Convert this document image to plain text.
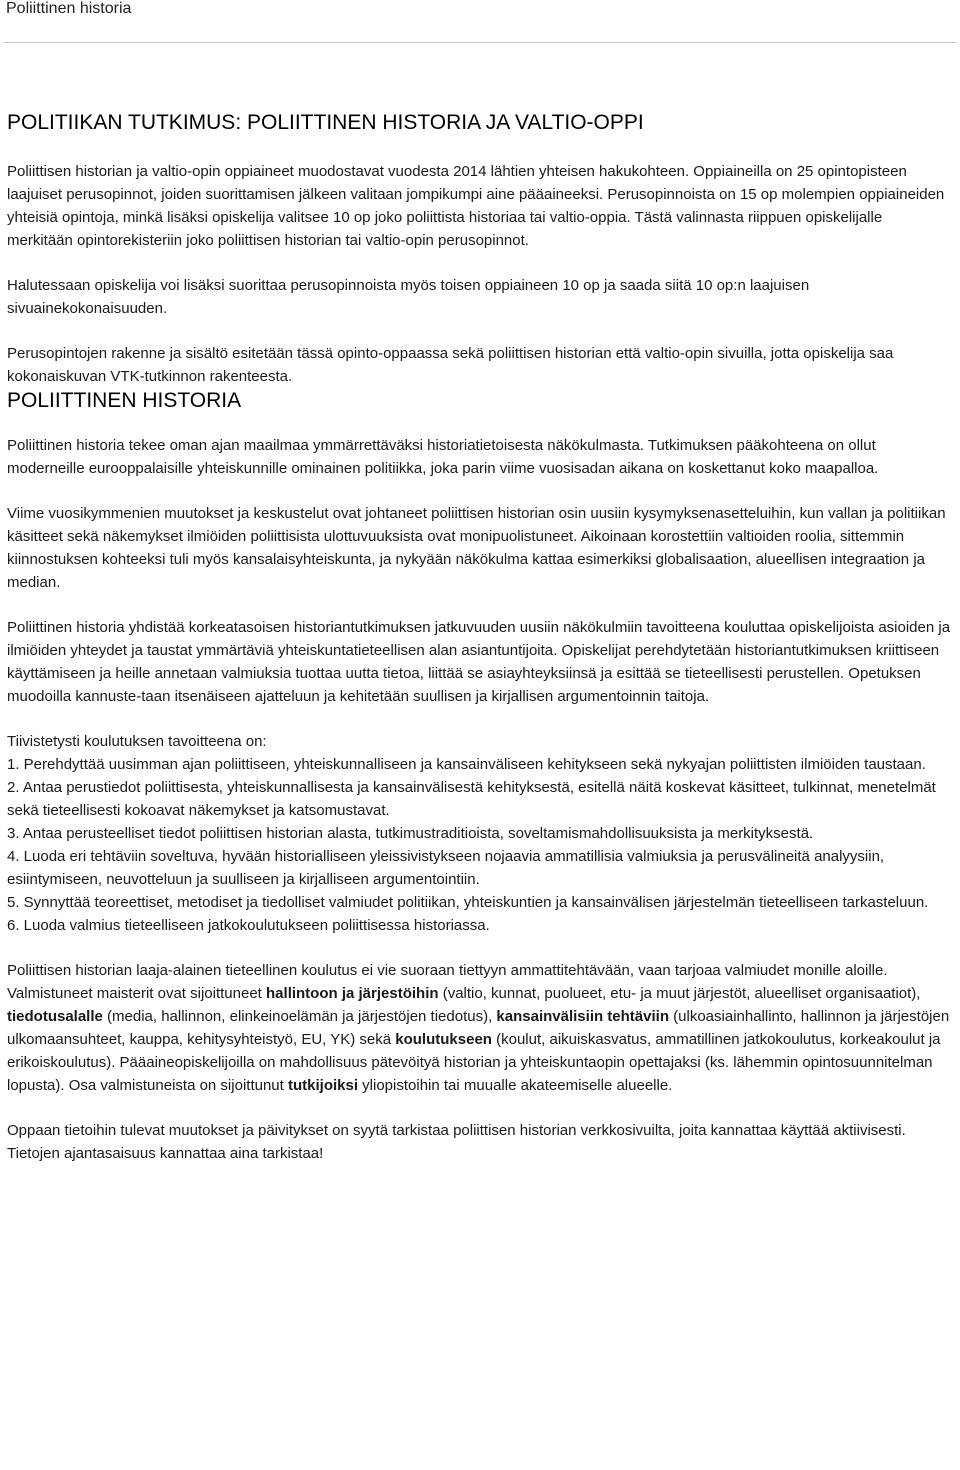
Poliittinen historia
POLITIIKAN TUTKIMUS: POLIITTINEN HISTORIA JA VALTIO-OPPI

Poliittisen historian ja valtio-opin oppiaineet muodostavat vuodesta 2014 lähtien yhteisen hakukohteen. Oppiaineilla on 25 opintopisteen laajuiset perusopinnot, joiden suorittamisen jälkeen valitaan jompikumpi aine pääaineeksi. Perusopinnoista on 15 op molempien oppiaineiden yhteisiä opintoja, minkä lisäksi opiskelija valitsee 10 op joko poliittista historiaa tai valtio-oppia. Tästä valinnasta riippuen opiskelijalle merkitään opintorekisteriin joko poliittisen historian tai valtio-opin perusopinnot.

Halutessaan opiskelija voi lisäksi suorittaa perusopinnoista myös toisen oppiaineen 10 op ja saada siitä 10 op:n laajuisen sivuainekokonaisuuden.

Perusopintojen rakenne ja sisältö esitetään tässä opinto-oppaassa sekä poliittisen historian että valtio-opin sivuilla, jotta opiskelija saa kokonaiskuvan VTK-tutkinnon rakenteesta.

POLIITTINEN HISTORIA

Poliittinen historia tekee oman ajan maailmaa ymmärrettäväksi historiatietoisesta näkökulmasta. Tutkimuksen pääkohteena on ollut moderneille eurooppalaisille yhteiskunnille ominainen politiikka, joka parin viime vuosisadan aikana on koskettanut koko maapalloa.

Viime vuosikymmenien muutokset ja keskustelut ovat johtaneet poliittisen historian osin uusiin kysymyksenasetteluihin, kun vallan ja politiikan käsitteet sekä näkemykset ilmiöiden poliittisista ulottuvuuksista ovat monipuolistuneet. Aikoinaan korostettiin valtioiden roolia, sittemmin kiinnostuksen kohteeksi tuli myös kansalaisyhteiskunta, ja nykyään näkökulma kattaa esimerkiksi globalisaation, alueellisen integraation ja median.

Poliittinen historia yhdistää korkeatasoisen historiantutkimuksen jatkuvuuden uusiin näkökulmiin tavoitteena kouluttaa opiskelijoista asioiden ja ilmiöiden yhteydet ja taustat ymmärtäviä yhteiskuntatieteellisen alan asiantuntijoita. Opiskelijat perehdytetään historiantutkimuksen kriittiseen käyttämiseen ja heille annetaan valmiuksia tuottaa uutta tietoa, liittää se asiayhteyksiinsä ja esittää se tieteellisesti perustellen. Opetuksen muodoilla kannuste-taan itsenäiseen ajatteluun ja kehitetään suullisen ja kirjallisen argumentoinnin taitoja.

Tiivistetysti koulutuksen tavoitteena on:

1. Perehdyttää uusimman ajan poliittiseen, yhteiskunnalliseen ja kansainväliseen kehitykseen sekä nykyajan poliittisten ilmiöiden taustaan.
2. Antaa perustiedot poliittisesta, yhteiskunnallisesta ja kansainvälisestä kehityksestä, esitellä näitä koskevat käsitteet, tulkinnat, menetelmät sekä tieteellisesti kokoavat näkemykset ja katsomustavat.
3. Antaa perusteelliset tiedot poliittisen historian alasta, tutkimustraditioista, soveltamismahdollisuuksista ja merkityksestä.
4. Luoda eri tehtäviin soveltuva, hyvään historialliseen yleissivistykseen nojaavia ammatillisia valmiuksia ja perusvälineitä analyysiin, esiintymiseen, neuvotteluun ja suulliseen ja kirjalliseen argumentointiin.
5. Synnyttää teoreettiset, metodiset ja tiedolliset valmiudet politiikan, yhteiskuntien ja kansainvälisen järjestelmän tieteelliseen tarkasteluun.
6. Luoda valmius tieteelliseen jatkokoulutukseen poliittisessa historiassa.

Poliittisen historian laaja-alainen tieteellinen koulutus ei vie suoraan tiettyyn ammattitehtävään, vaan tarjoaa valmiudet monille aloille. Valmistuneet maisterit ovat sijoittuneet hallintoon ja järjestöihin (valtio, kunnat, puolueet, etu- ja muut järjestöt, alueelliset organisaatiot), tiedotusalalle (media, hallinnon, elinkeinoelämän ja järjestöjen tiedotus), kansainvälisiin tehtäviin (ulkoasiainhallinto, hallinnon ja järjestöjen ulkomaansuhteet, kauppa, kehitysyhteistyö, EU, YK) sekä koulutukseen (koulut, aikuiskasvatus, ammatillinen jatkokoulutus, korkeakoulut ja erikoiskoulutus). Pääaineopiskelijoilla on mahdollisuus pätevöityä historian ja yhteiskuntaopin opettajaksi (ks. lähemmin opintosuunnitelman lopusta). Osa valmistuneista on sijoittunut tutkijoiksi yliopistoihin tai muualle akateemiselle alueelle.

Oppaan tietoihin tulevat muutokset ja päivitykset on syytä tarkistaa poliittisen historian verkkosivuilta, joita kannattaa käyttää aktiivisesti. Tietojen ajantasaisuus kannattaa aina tarkistaa!
